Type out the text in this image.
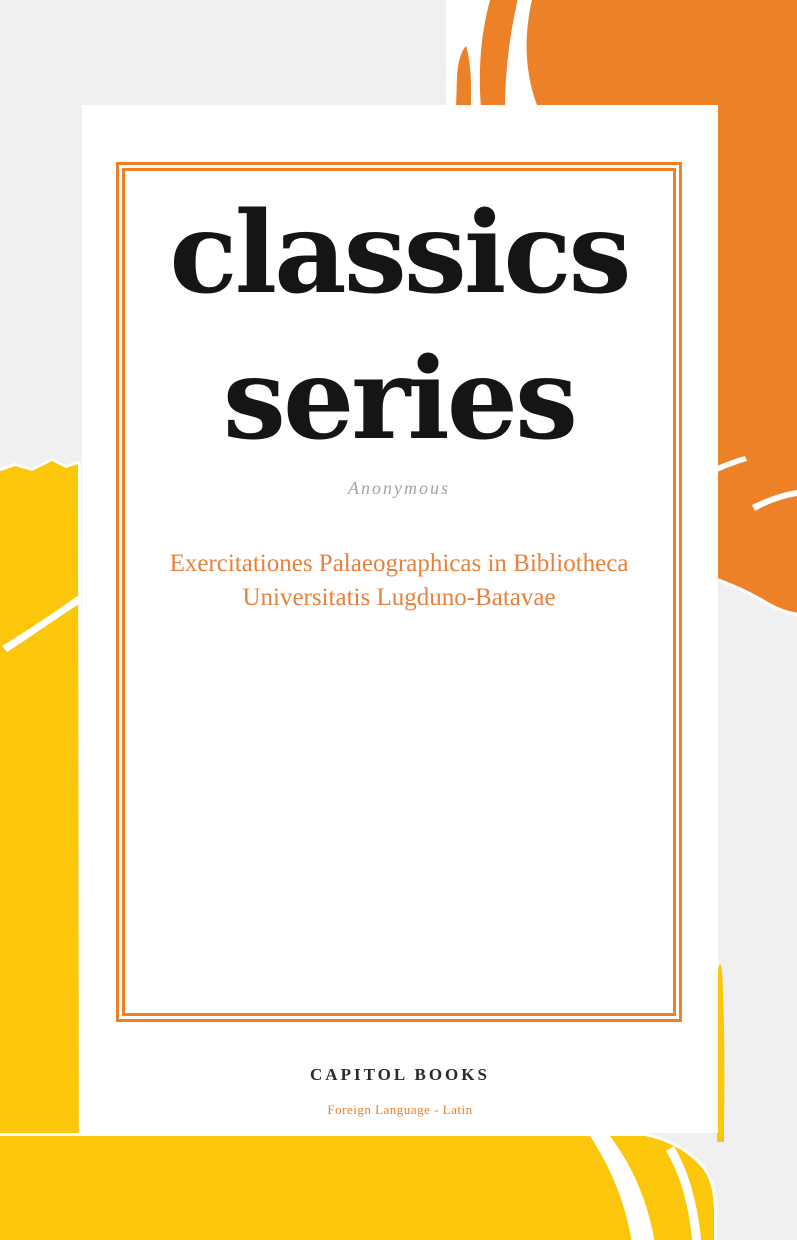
classics
series
Anonymous
Exercitationes Palaeographicas in Bibliotheca
Universitatis Lugduno-Batavae
CAPITOL BOOKS
Foreign Language - Latin
